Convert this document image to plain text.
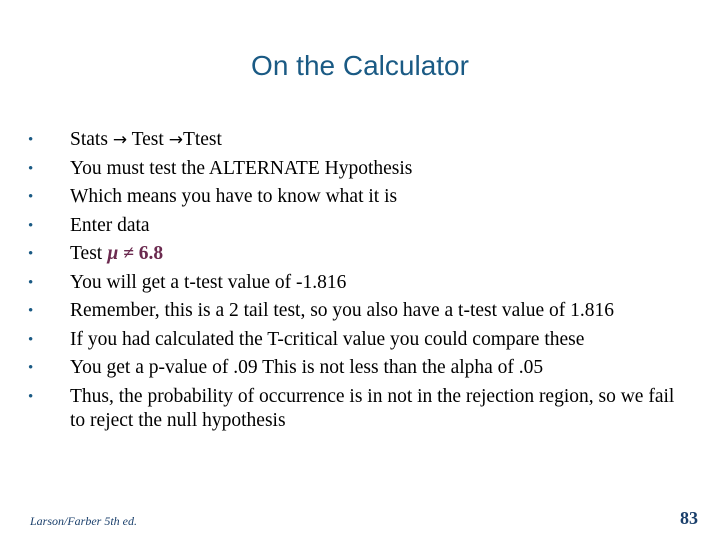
On the Calculator
• Stats → Test →Ttest
• You must test the ALTERNATE Hypothesis
• Which means you have to know what it is
• Enter data
• Test µ ≠ 6.8
• You will get a t-test value of -1.816
• Remember, this is a 2 tail test, so you also have a t-test value of 1.816
• If you had calculated the T-critical value you could compare these
• You get a p-value of .09 This is not less than the alpha of .05
• Thus, the probability of occurrence is in not in the rejection region, so we fail to reject the null hypothesis
Larson/Farber 5th ed.	83
